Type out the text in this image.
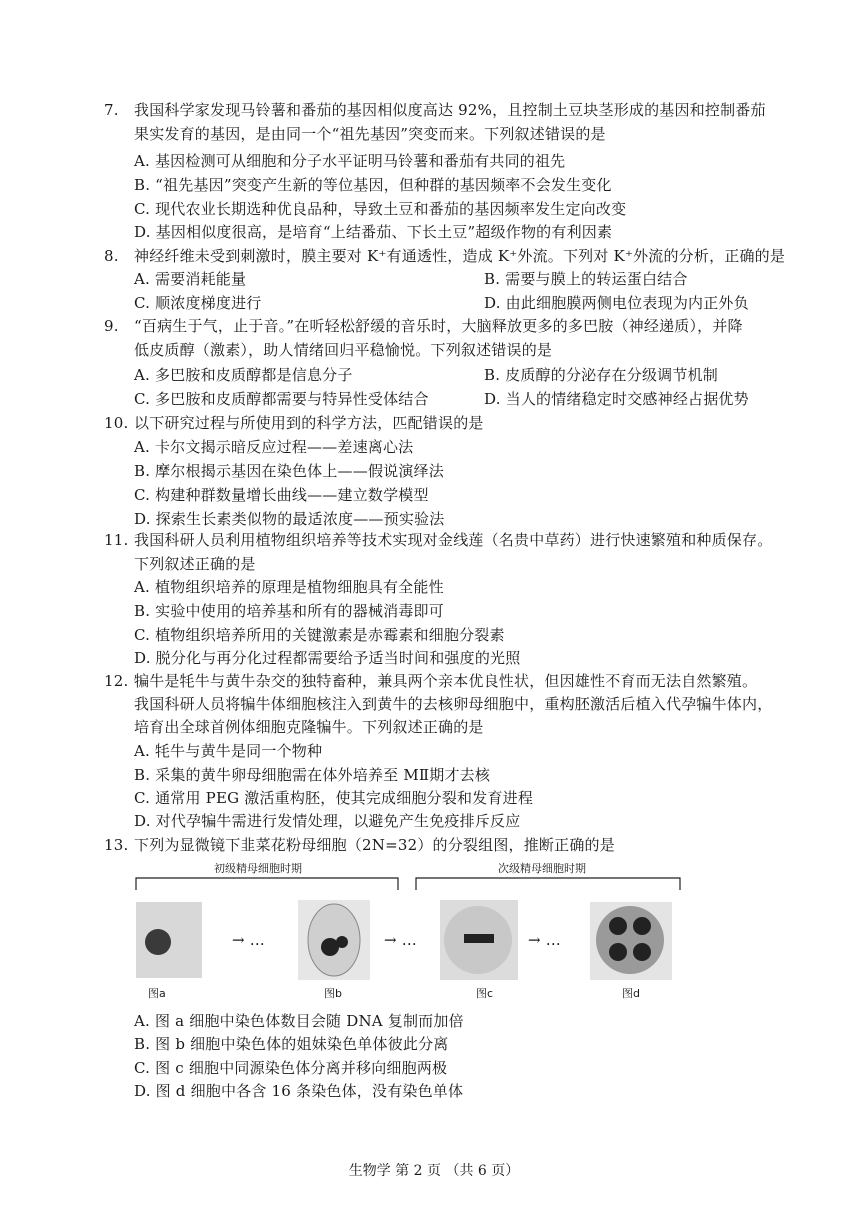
7. 我国科学家发现马铃薯和番茄的基因相似度高达 92%，且控制土豆块茎形成的基因和控制番茄
果实发育的基因，是由同一个“祖先基因”突变而来。下列叙述错误的是
A. 基因检测可从细胞和分子水平证明马铃薯和番茄有共同的祖先
B. “祖先基因”突变产生新的等位基因，但种群的基因频率不会发生变化
C. 现代农业长期选种优良品种，导致土豆和番茄的基因频率发生定向改变
D. 基因相似度很高，是培育“上结番茄、下长土豆”超级作物的有利因素
8. 神经纤维未受到刺激时，膜主要对 K⁺有通透性，造成 K⁺外流。下列对 K⁺外流的分析，正确的是
A. 需要消耗能量	B. 需要与膜上的转运蛋白结合
C. 顺浓度梯度进行	D. 由此细胞膜两侧电位表现为内正外负
9. “百病生于气，止于音。”在听轻松舒缓的音乐时，大脑释放更多的多巴胺（神经递质），并降
低皮质醇（激素），助人情绪回归平稳愉悦。下列叙述错误的是
A. 多巴胺和皮质醇都是信息分子	B. 皮质醇的分泌存在分级调节机制
C. 多巴胺和皮质醇都需要与特异性受体结合	D. 当人的情绪稳定时交感神经占据优势
10. 以下研究过程与所使用到的科学方法，匹配错误的是
A. 卡尔文揭示暗反应过程——差速离心法
B. 摩尔根揭示基因在染色体上——假说演绎法
C. 构建种群数量增长曲线——建立数学模型
D. 探索生长素类似物的最适浓度——预实验法
11. 我国科研人员利用植物组织培养等技术实现对金线莲（名贵中草药）进行快速繁殖和种质保存。
下列叙述正确的是
A. 植物组织培养的原理是植物细胞具有全能性
B. 实验中使用的培养基和所有的器械消毒即可
C. 植物组织培养所用的关键激素是赤霉素和细胞分裂素
D. 脱分化与再分化过程都需要给予适当时间和强度的光照
12. 犏牛是牦牛与黄牛杂交的独特畜种，兼具两个亲本优良性状，但因雄性不育而无法自然繁殖。
我国科研人员将犏牛体细胞核注入到黄牛的去核卵母细胞中，重构胚激活后植入代孕犏牛体内，
培育出全球首例体细胞克隆犏牛。下列叙述正确的是
A. 牦牛与黄牛是同一个物种
B. 采集的黄牛卵母细胞需在体外培养至 MⅡ期才去核
C. 通常用 PEG 激活重构胚，使其完成细胞分裂和发育进程
D. 对代孕犏牛需进行发情处理，以避免产生免疫排斥反应
13. 下列为显微镜下韭菜花粉母细胞（2N=32）的分裂组图，推断正确的是
初级精母细胞时期	次级精母细胞时期
→ …	→ …	→ …
图a	图b	图c	图d
A. 图 a 细胞中染色体数目会随 DNA 复制而加倍
B. 图 b 细胞中染色体的姐妹染色单体彼此分离
C. 图 c 细胞中同源染色体分离并移向细胞两极
D. 图 d 细胞中各含 16 条染色体，没有染色单体
生物学 第 2 页 （共 6 页）
